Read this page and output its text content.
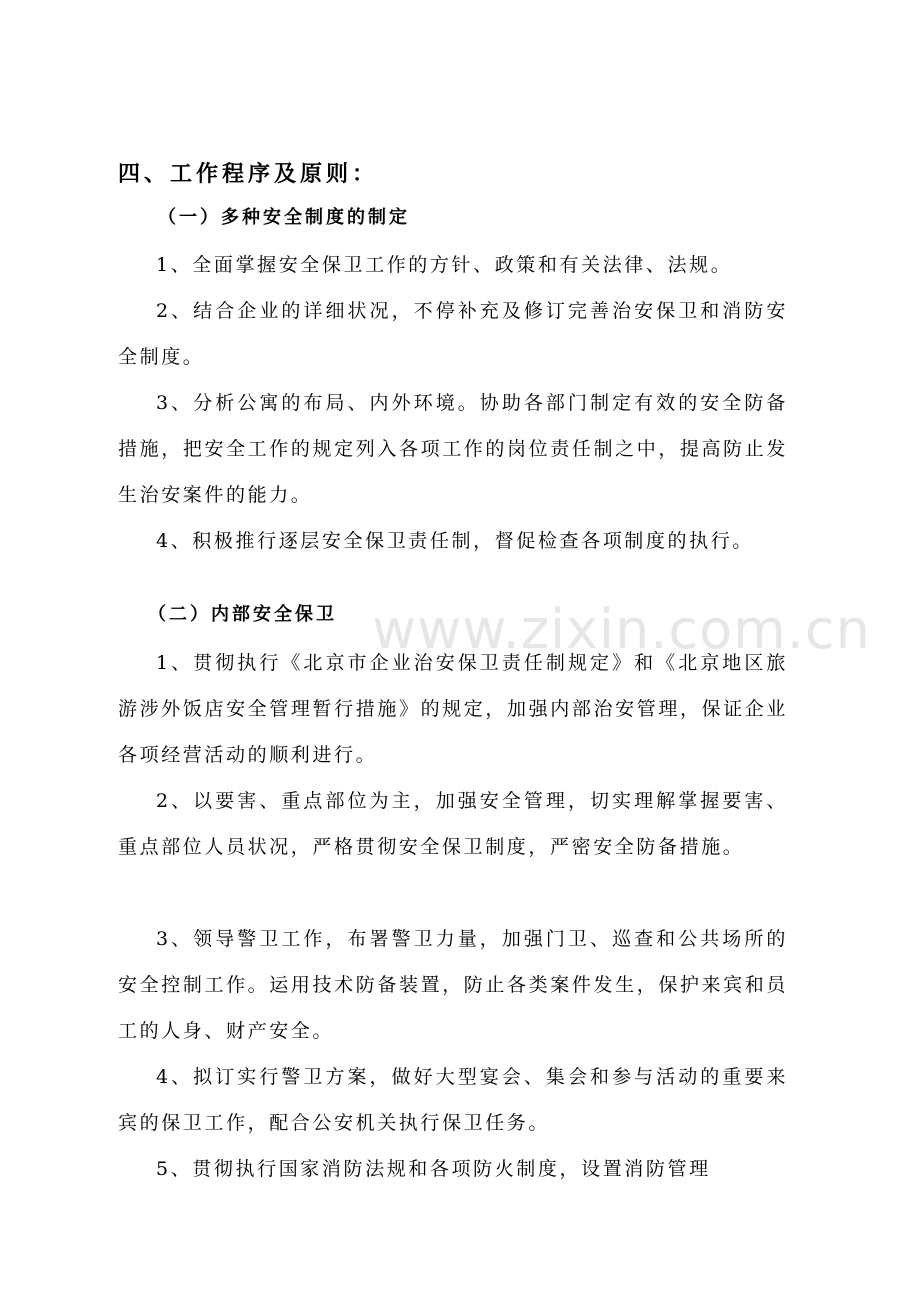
www.zixin.com.cn
四、工作程序及原则：
（一）多种安全制度的制定

1、全面掌握安全保卫工作的方针、政策和有关法律、法规。

2、结合企业的详细状况，不停补充及修订完善治安保卫和消防安全制度。

3、分析公寓的布局、内外环境。协助各部门制定有效的安全防备措施，把安全工作的规定列入各项工作的岗位责任制之中，提高防止发生治安案件的能力。

4、积极推行逐层安全保卫责任制，督促检查各项制度的执行。

（二）内部安全保卫

1、贯彻执行《北京市企业治安保卫责任制规定》和《北京地区旅游涉外饭店安全管理暂行措施》的规定，加强内部治安管理，保证企业各项经营活动的顺利进行。

2、以要害、重点部位为主，加强安全管理，切实理解掌握要害、重点部位人员状况，严格贯彻安全保卫制度，严密安全防备措施。

3、领导警卫工作，布署警卫力量，加强门卫、巡查和公共场所的安全控制工作。运用技术防备装置，防止各类案件发生，保护来宾和员工的人身、财产安全。

4、拟订实行警卫方案，做好大型宴会、集会和参与活动的重要来宾的保卫工作，配合公安机关执行保卫任务。

5、贯彻执行国家消防法规和各项防火制度，设置消防管理
